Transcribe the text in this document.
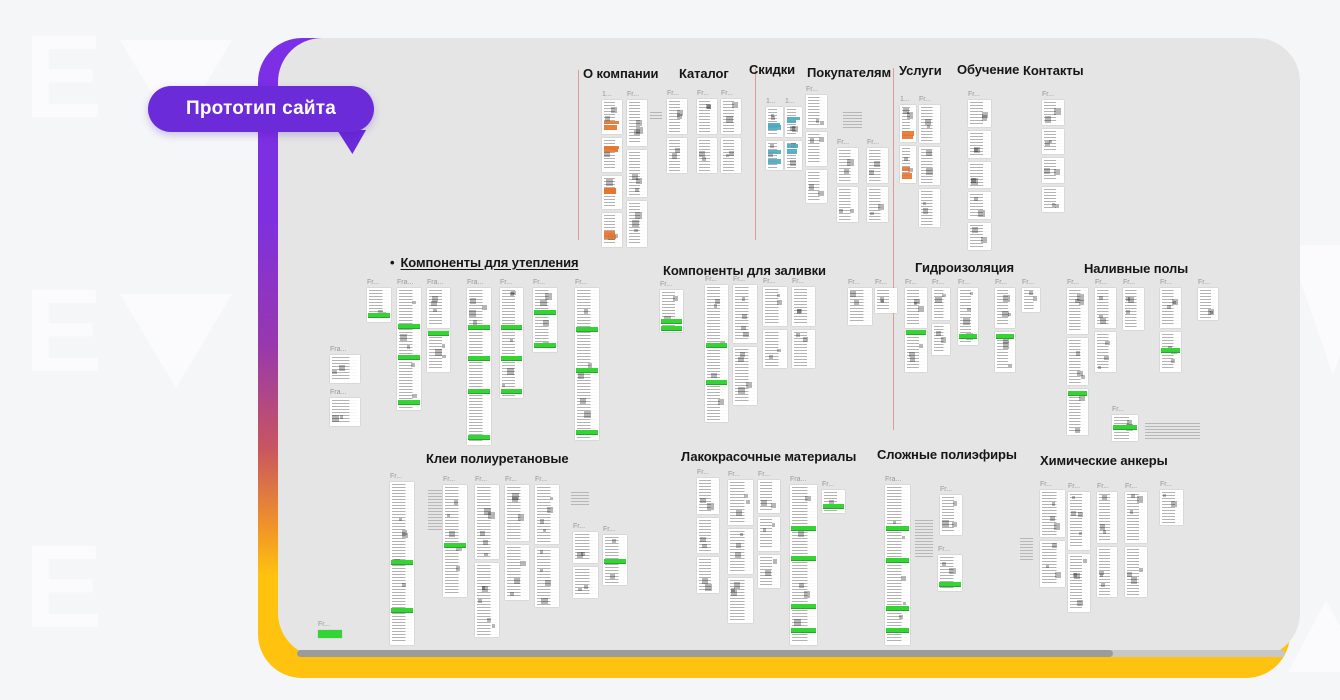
E
E
E
О компании
1... Fr...
Каталог
Fr...	Fr... Fr...
Скидки
1... 1...
Покупателям
Fr...
Fr...	Fr...
Услуги
1... Fr...
Обучение
Fr...
Контакты
Fr...
• Компоненты для утепления
Fra...
Fra...
Fr...	Fra... Fra...	Fra... Fr...	Fr...	Fr...
Компоненты для заливки
Fr...
Fr... Fr...	Fr... Fr...
Гидроизоляция
Fr... Fr...	Fr... Fr... Fr...	Fr... Fr...
Наливные полы
Fr... Fr... Fr...	Fr...	Fr...
Fr...
Клеи полиуретановые
Fr...	Fr...	Fr...	Fr...	Fr...
Fr...	Fr...
Лакокрасочные материалы
Fr...	Fr...	Fr...
Fra...
Fr...
Сложные полиэфиры
Fra...
Fr...
Fr...
Химические анкеры
Fr... Fr... Fr... Fr...	Fr...
Fr...
Прототип сайта
